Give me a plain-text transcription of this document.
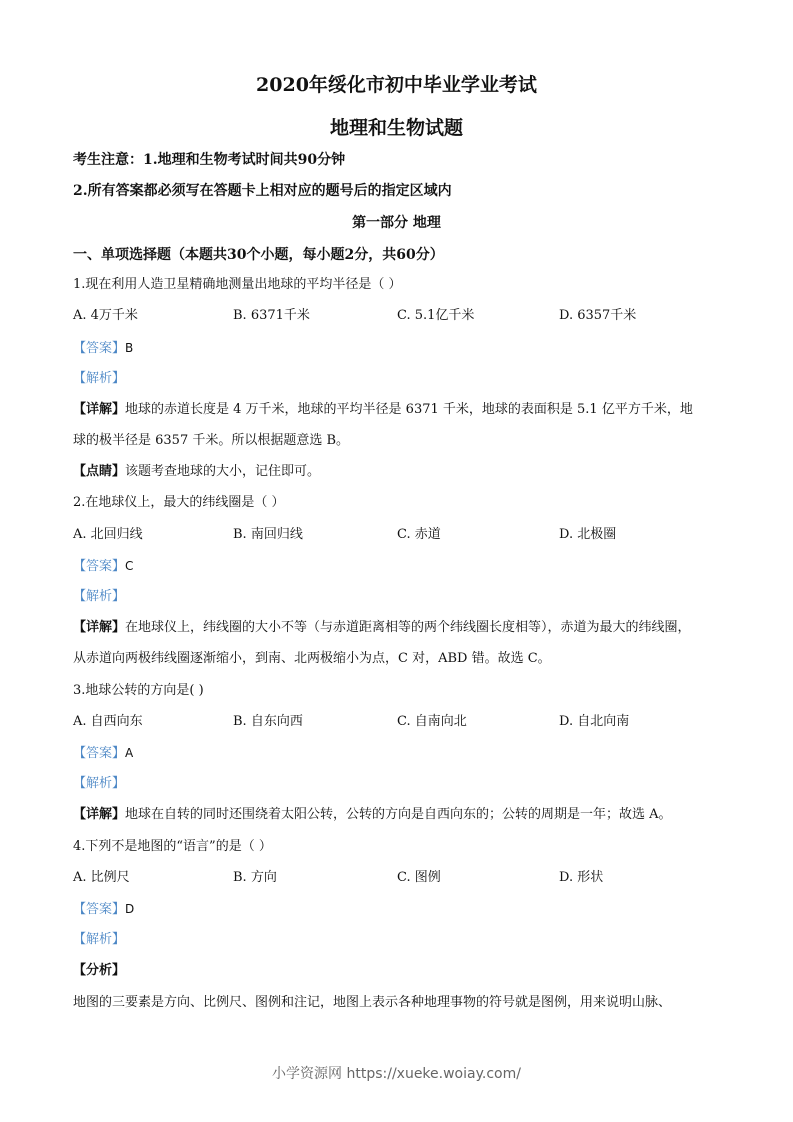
2020年绥化市初中毕业学业考试
地理和生物试题
考生注意：1.地理和生物考试时间共90分钟
2.所有答案都必须写在答题卡上相对应的题号后的指定区域内
第一部分 地理
一、单项选择题（本题共30个小题，每小题2分，共60分）
1.现在利用人造卫星精确地测量出地球的平均半径是（ ）
A. 4万千米	B. 6371千米	C. 5.1亿千米	D. 6357千米
【答案】B
【解析】
【详解】地球的赤道长度是 4 万千米，地球的平均半径是 6371 千米，地球的表面积是 5.1 亿平方千米，地
球的极半径是 6357 千米。所以根据题意选 B。
【点睛】该题考查地球的大小，记住即可。
2.在地球仪上，最大的纬线圈是（ ）
A. 北回归线	B. 南回归线	C. 赤道	D. 北极圈
【答案】C
【解析】
【详解】在地球仪上，纬线圈的大小不等（与赤道距离相等的两个纬线圈长度相等），赤道为最大的纬线圈，
从赤道向两极纬线圈逐渐缩小，到南、北两极缩小为点，C 对，ABD 错。故选 C。
3.地球公转的方向是( )
A. 自西向东	B. 自东向西	C. 自南向北	D. 自北向南
【答案】A
【解析】
【详解】地球在自转的同时还围绕着太阳公转，公转的方向是自西向东的；公转的周期是一年；故选 A。
4.下列不是地图的“语言”的是（ ）
A. 比例尺	B. 方向	C. 图例	D. 形状
【答案】D
【解析】
【分析】
地图的三要素是方向、比例尺、图例和注记，地图上表示各种地理事物的符号就是图例，用来说明山脉、
小学资源网 https://xueke.woiay.com/
